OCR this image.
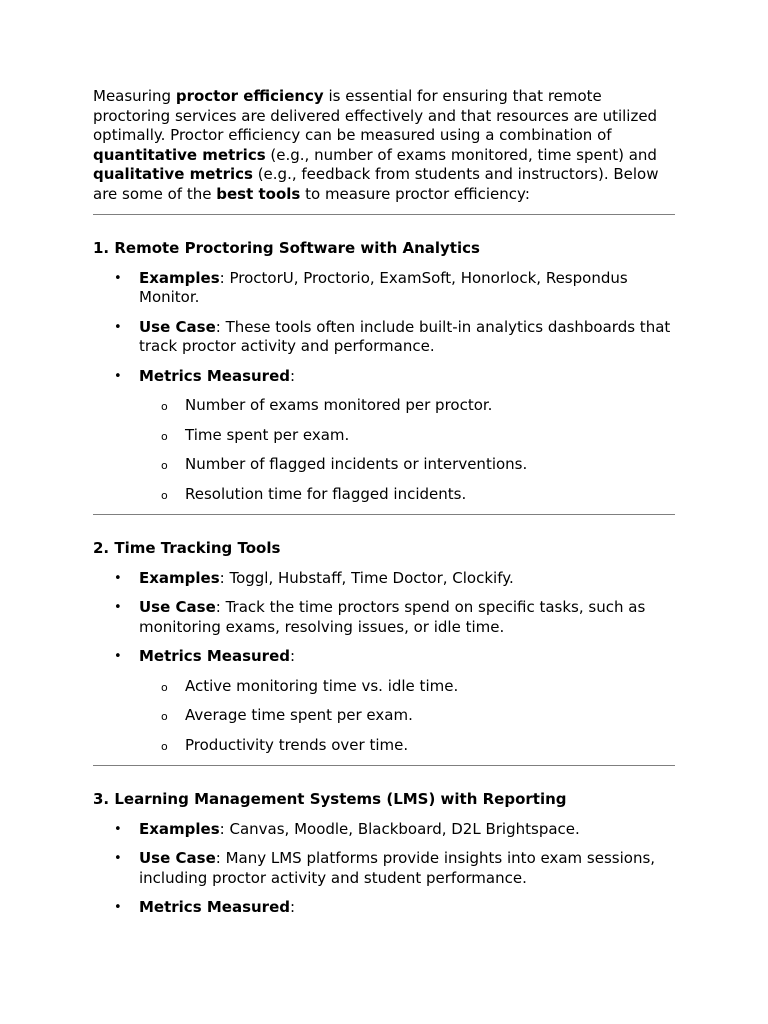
Measuring proctor efficiency is essential for ensuring that remote proctoring services are delivered effectively and that resources are utilized optimally. Proctor efficiency can be measured using a combination of quantitative metrics (e.g., number of exams monitored, time spent) and qualitative metrics (e.g., feedback from students and instructors). Below are some of the best tools to measure proctor efficiency:

1. Remote Proctoring Software with Analytics
• Examples: ProctorU, Proctorio, ExamSoft, Honorlock, Respondus Monitor.
• Use Case: These tools often include built-in analytics dashboards that track proctor activity and performance.
• Metrics Measured:
o Number of exams monitored per proctor.
o Time spent per exam.
o Number of flagged incidents or interventions.
o Resolution time for flagged incidents.
2. Time Tracking Tools
• Examples: Toggl, Hubstaff, Time Doctor, Clockify.
• Use Case: Track the time proctors spend on specific tasks, such as monitoring exams, resolving issues, or idle time.
• Metrics Measured:
o Active monitoring time vs. idle time.
o Average time spent per exam.
o Productivity trends over time.
3. Learning Management Systems (LMS) with Reporting
• Examples: Canvas, Moodle, Blackboard, D2L Brightspace.
• Use Case: Many LMS platforms provide insights into exam sessions, including proctor activity and student performance.
• Metrics Measured:
